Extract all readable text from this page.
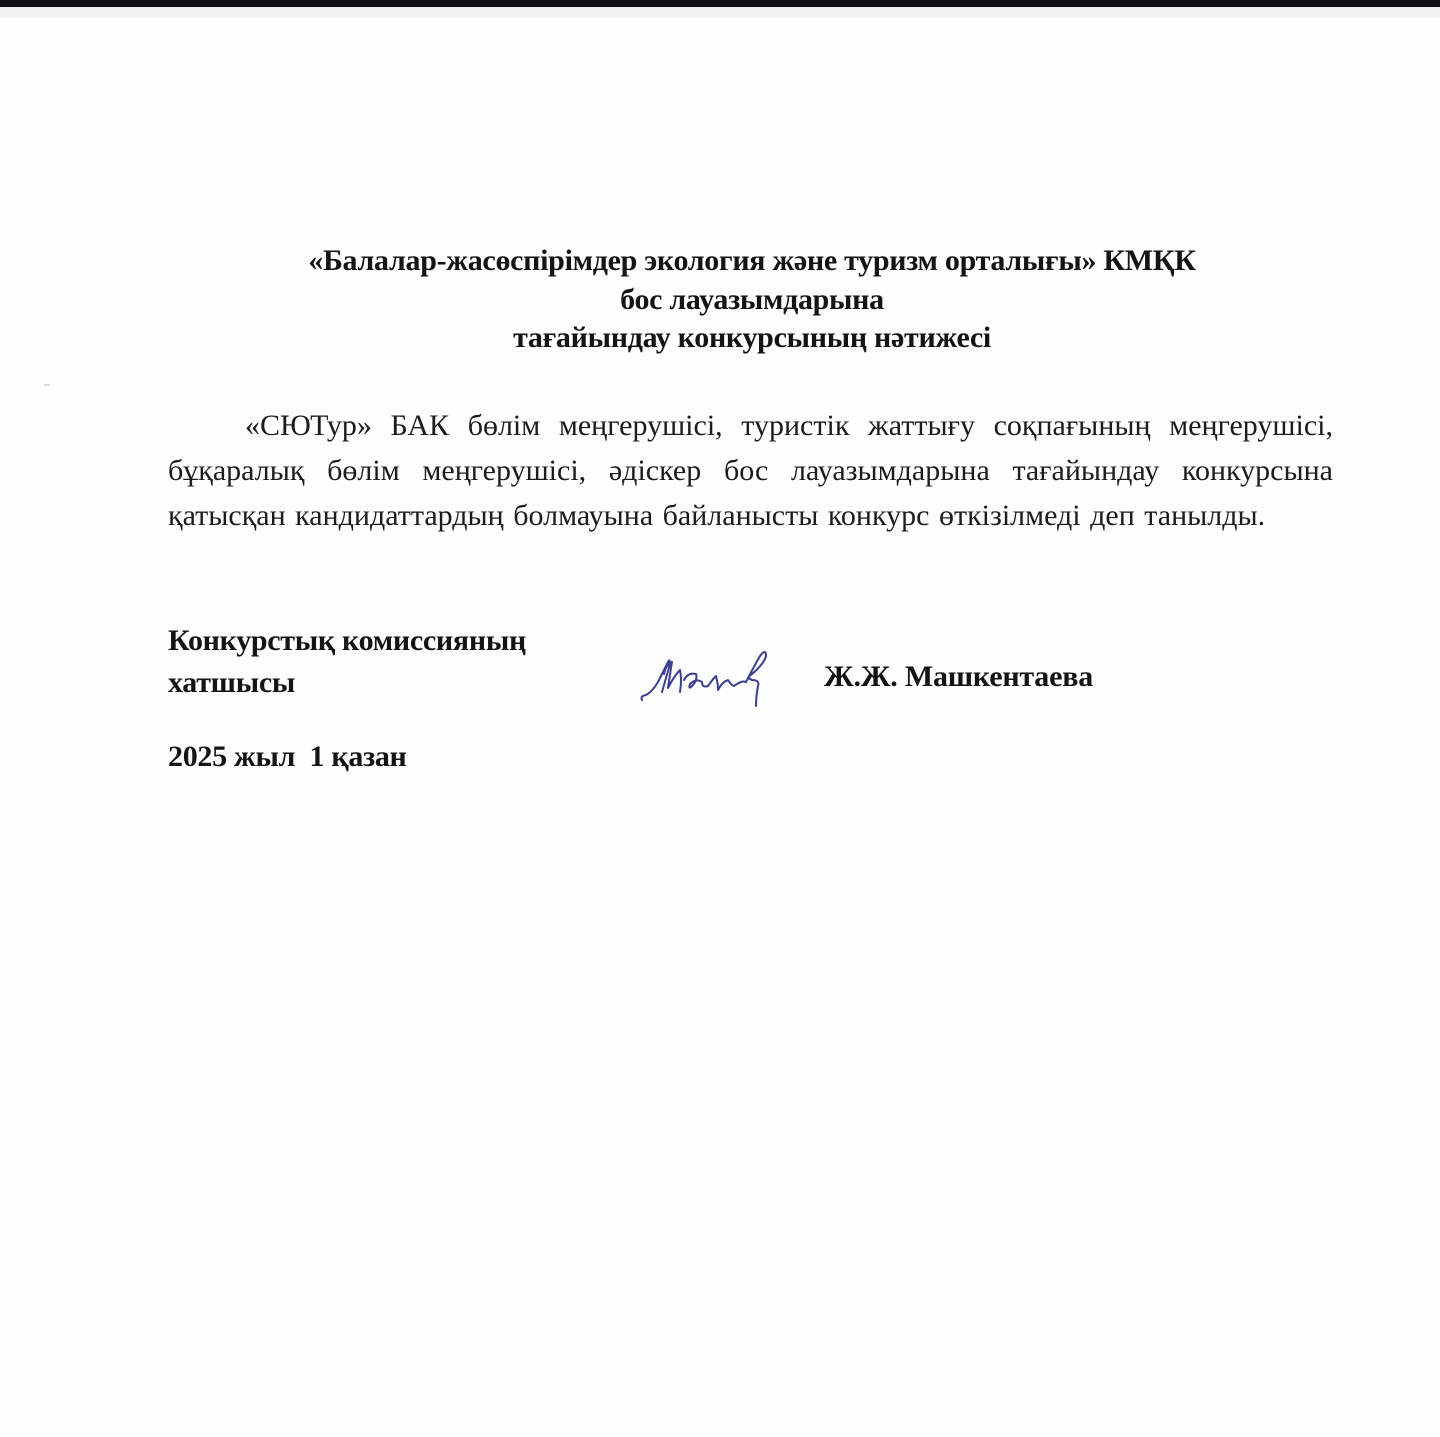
«Балалар-жасөспірімдер экология және туризм орталығы» КМҚК
бос лауазымдарына
тағайындау конкурсының нәтижесі
«СЮТур» БАК бөлім меңгерушісі, туристік жаттығу соқпағының меңгерушісі, бұқаралық бөлім меңгерушісі, әдіскер бос лауазымдарына тағайындау конкурсына қатысқан кандидаттардың болмауына байланысты конкурс өткізілмеді деп танылды.
Конкурстық комиссияның
хатшысы	Ж.Ж. Машкентаева
2025 жыл  1 қазан
